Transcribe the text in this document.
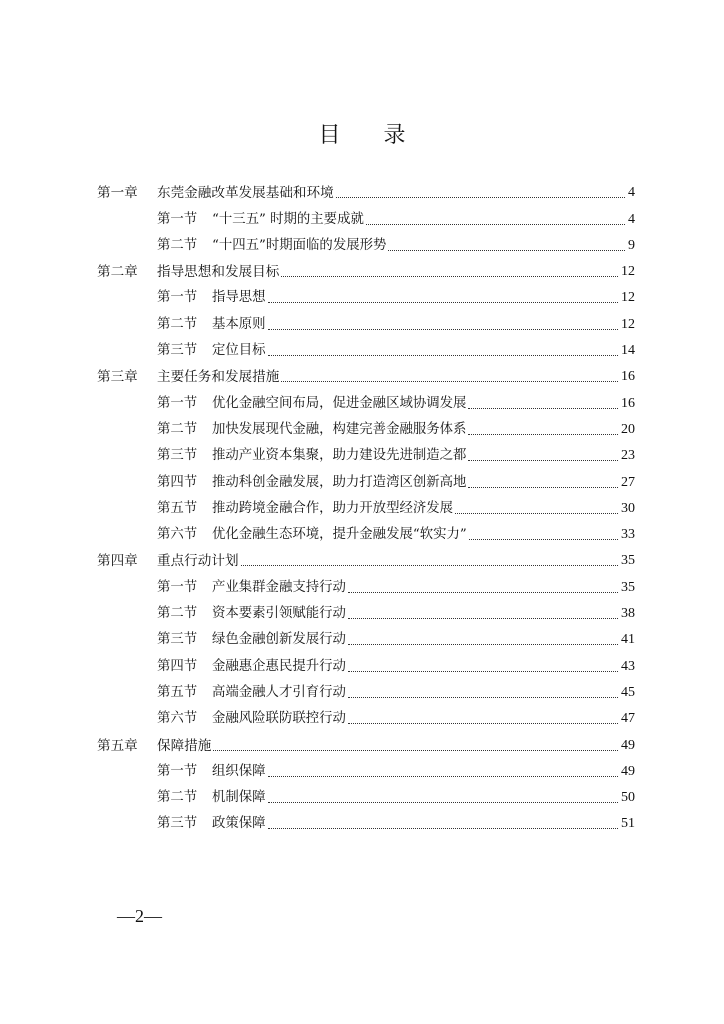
目 录
第一章	东莞金融改革发展基础和环境	4
第一节	“十三五” 时期的主要成就	4
第二节	“十四五”时期面临的发展形势	9
第二章	指导思想和发展目标	12
第一节	指导思想	12
第二节	基本原则	12
第三节	定位目标	14
第三章	主要任务和发展措施	16
第一节	优化金融空间布局，促进金融区域协调发展	16
第二节	加快发展现代金融，构建完善金融服务体系	20
第三节	推动产业资本集聚，助力建设先进制造之都	23
第四节	推动科创金融发展，助力打造湾区创新高地	27
第五节	推动跨境金融合作，助力开放型经济发展	30
第六节	优化金融生态环境，提升金融发展“软实力”	33
第四章	重点行动计划	35
第一节	产业集群金融支持行动	35
第二节	资本要素引领赋能行动	38
第三节	绿色金融创新发展行动	41
第四节	金融惠企惠民提升行动	43
第五节	高端金融人才引育行动	45
第六节	金融风险联防联控行动	47
第五章	保障措施	49
第一节	组织保障	49
第二节	机制保障	50
第三节	政策保障	51
—2—
